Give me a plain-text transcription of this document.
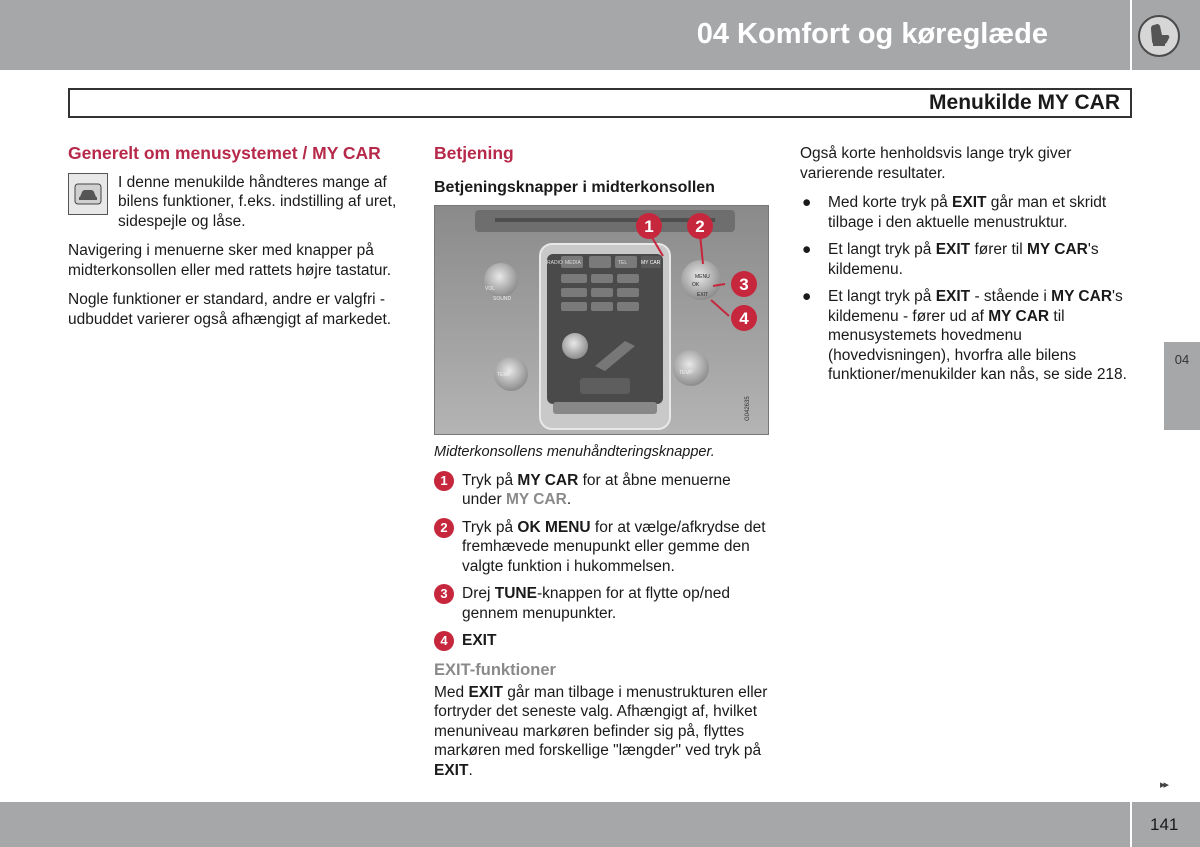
04 Komfort og køreglæde
Menukilde MY CAR
Generelt om menusystemet / MY CAR
I denne menukilde håndteres mange af bilens funktioner, f.eks. indstilling af uret, sidespejle og låse.

Navigering i menuerne sker med knapper på midterkonsollen eller med rattets højre tastatur.

Nogle funktioner er standard, andre er valgfri - udbuddet varierer også afhængigt af markedet.

Betjening
Betjeningsknapper i midterkonsollen
RADIO MEDIA	TEL	MY CAR
VOL
SOUND
MENU
OK
EXIT
TEMP	TEMP
G042635
1 2
3
4
Midterkonsollens menuhåndteringsknapper.
1 Tryk på MY CAR for at åbne menuerne under MY CAR.
2 Tryk på OK MENU for at vælge/afkrydse det fremhævede menupunkt eller gemme den valgte funktion i hukommelsen.
3 Drej TUNE-knappen for at flytte op/ned gennem menupunkter.
4 EXIT
EXIT-funktioner
Med EXIT går man tilbage i menustrukturen eller fortryder det seneste valg. Afhængigt af, hvilket menuniveau markøren befinder sig på, flyttes markøren med forskellige "længder" ved tryk på EXIT.

Også korte henholdsvis lange tryk giver varierende resultater.

● Med korte tryk på EXIT går man et skridt tilbage i den aktuelle menustruktur.
● Et langt tryk på EXIT fører til MY CAR's kildemenu.
● Et langt tryk på EXIT - stående i MY CAR's kildemenu - fører ud af MY CAR til menusystemets hovedmenu (hovedvisningen), hvorfra alle bilens funktioner/menukilder kan nås, se side 218.
04
▸▸
141
